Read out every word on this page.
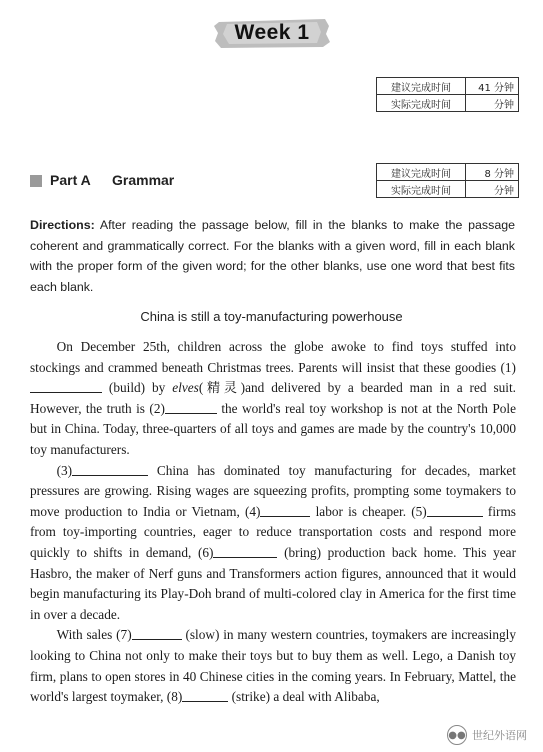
Week 1
建议完成时间	41 分钟
实际完成时间	分钟
Part A Grammar	建议完成时间	8 分钟
实际完成时间	分钟
Directions: After reading the passage below, fill in the blanks to make the passage coherent and grammatically correct. For the blanks with a given word, fill in each blank with the proper form of the given word; for the other blanks, use one word that best fits each blank.
China is still a toy-manufacturing powerhouse

On December 25th, children across the globe awoke to find toys stuffed into stockings and crammed beneath Christmas trees. Parents will insist that these goodies (1) (build) by elves(精灵)and delivered by a bearded man in a red suit. However, the truth is (2)	the world's real toy workshop is not at the North Pole but in China. Today, three-quarters of all toys and games are made by the country's 10,000 toy manufacturers.

(3)	China has dominated toy manufacturing for decades, market pressures are growing. Rising wages are squeezing profits, prompting some toymakers to move production to India or Vietnam, (4)	labor is cheaper. (5)	firms from toy-importing countries, eager to reduce transportation costs and respond more quickly to shifts in demand, (6)	(bring) production back home. This year Hasbro, the maker of Nerf guns and Transformers action figures, announced that it would begin manufacturing its Play-Doh brand of multi-colored clay in America for the first time in over a decade.

With sales (7)	(slow) in many western countries, toymakers are increasingly looking to China not only to make their toys but to buy them as well. Lego, a Danish toy firm, plans to open stores in 40 Chinese cities in the coming years. In February, Mattel, the world's largest toymaker, (8)	(strike) a deal with Alibaba,

●● 世纪外语网
